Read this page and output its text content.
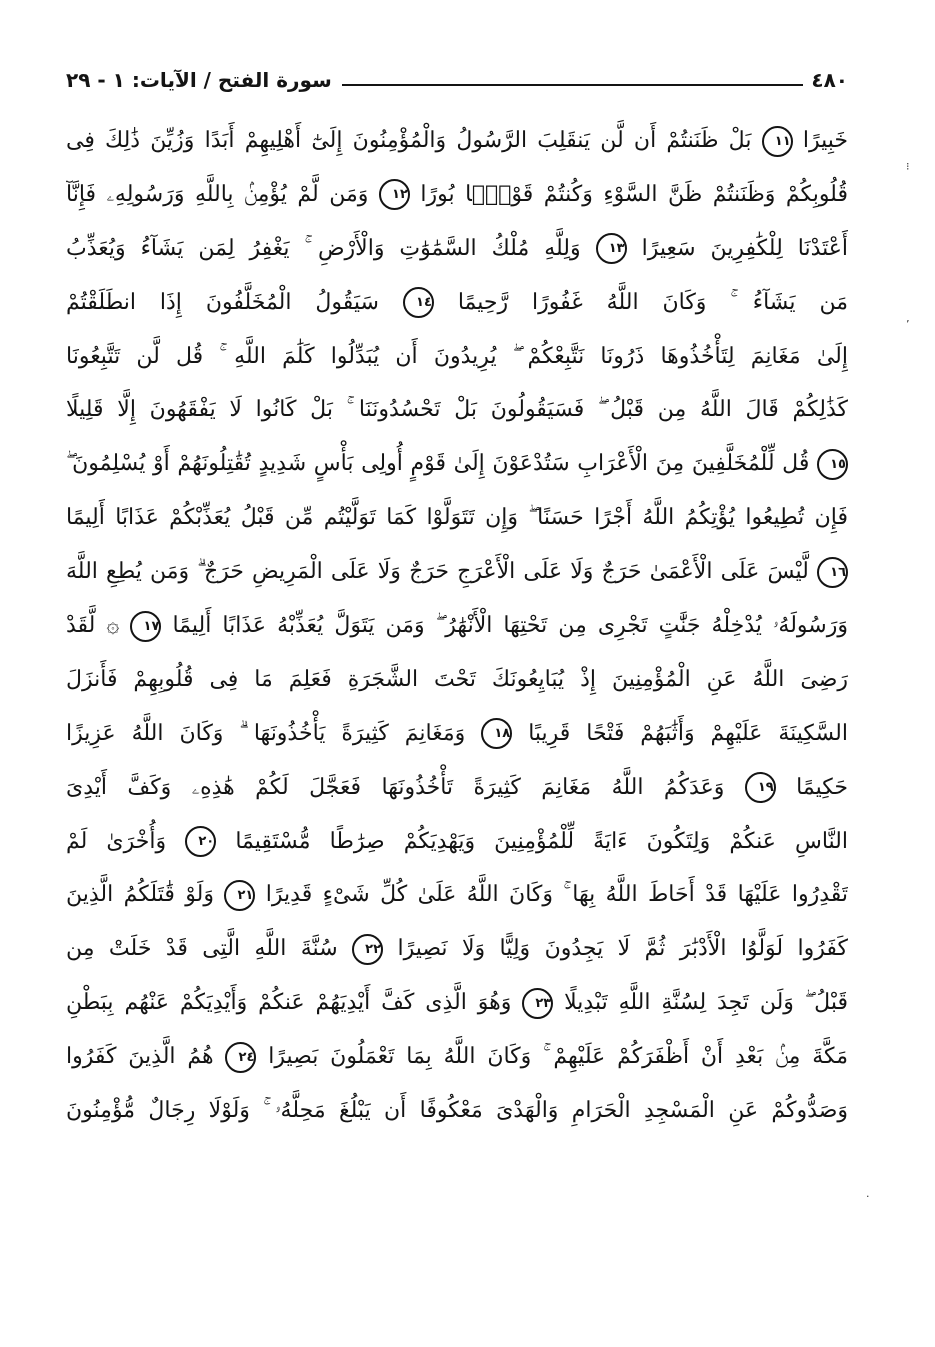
٤٨٠
سورة الفتح / الآيات: ١ - ٢٩
خَبِيرًا ١١ بَلْ ظَنَنتُمْ أَن لَّن يَنقَلِبَ الرَّسُولُ وَالْمُؤْمِنُونَ إِلَىٰٓ أَهْلِيهِمْ أَبَدًا وَزُيِّنَ ذَٰلِكَ فِى
قُلُوبِكُمْ وَظَنَنتُمْ ظَنَّ السَّوْءِ وَكُنتُمْ قَوْمًۢا بُورًا ١٢ وَمَن لَّمْ يُؤْمِنۢ بِاللَّهِ وَرَسُولِهِۦ فَإِنَّآ
أَعْتَدْنَا لِلْكَٰفِرِينَ سَعِيرًا ١٣ وَلِلَّهِ مُلْكُ السَّمَٰوَٰتِ وَالْأَرْضِ ۚ يَغْفِرُ لِمَن يَشَآءُ وَيُعَذِّبُ
مَن يَشَآءُ ۚ وَكَانَ اللَّهُ غَفُورًا رَّحِيمًا ١٤ سَيَقُولُ الْمُخَلَّفُونَ إِذَا انطَلَقْتُمْ
إِلَىٰ مَغَانِمَ لِتَأْخُذُوهَا ذَرُونَا نَتَّبِعْكُمْ ۖ يُرِيدُونَ أَن يُبَدِّلُوا كَلَٰمَ اللَّهِ ۚ قُل لَّن تَتَّبِعُونَا
كَذَٰلِكُمْ قَالَ اللَّهُ مِن قَبْلُ ۖ فَسَيَقُولُونَ بَلْ تَحْسُدُونَنَا ۚ بَلْ كَانُوا لَا يَفْقَهُونَ إِلَّا قَلِيلًا
١٥ قُل لِّلْمُخَلَّفِينَ مِنَ الْأَعْرَابِ سَتُدْعَوْنَ إِلَىٰ قَوْمٍ أُولِى بَأْسٍ شَدِيدٍ تُقَٰتِلُونَهُمْ أَوْ يُسْلِمُونَ ۖ
فَإِن تُطِيعُوا يُؤْتِكُمُ اللَّهُ أَجْرًا حَسَنًا ۖ وَإِن تَتَوَلَّوْا كَمَا تَوَلَّيْتُم مِّن قَبْلُ يُعَذِّبْكُمْ عَذَابًا أَلِيمًا
١٦ لَّيْسَ عَلَى الْأَعْمَىٰ حَرَجٌ وَلَا عَلَى الْأَعْرَجِ حَرَجٌ وَلَا عَلَى الْمَرِيضِ حَرَجٌ ۗ وَمَن يُطِعِ اللَّهَ
وَرَسُولَهُۥ يُدْخِلْهُ جَنَّٰتٍ تَجْرِى مِن تَحْتِهَا الْأَنْهَٰرُ ۖ وَمَن يَتَوَلَّ يُعَذِّبْهُ عَذَابًا أَلِيمًا ١٧ ۞ لَّقَدْ
رَضِىَ اللَّهُ عَنِ الْمُؤْمِنِينَ إِذْ يُبَايِعُونَكَ تَحْتَ الشَّجَرَةِ فَعَلِمَ مَا فِى قُلُوبِهِمْ فَأَنزَلَ
السَّكِينَةَ عَلَيْهِمْ وَأَثَٰبَهُمْ فَتْحًا قَرِيبًا ١٨ وَمَغَانِمَ كَثِيرَةً يَأْخُذُونَهَا ۗ وَكَانَ اللَّهُ عَزِيزًا
حَكِيمًا ١٩ وَعَدَكُمُ اللَّهُ مَغَانِمَ كَثِيرَةً تَأْخُذُونَهَا فَعَجَّلَ لَكُمْ هَٰذِهِۦ وَكَفَّ أَيْدِىَ
النَّاسِ عَنكُمْ وَلِتَكُونَ ءَايَةً لِّلْمُؤْمِنِينَ وَيَهْدِيَكُمْ صِرَٰطًا مُّسْتَقِيمًا ٢٠ وَأُخْرَىٰ لَمْ
تَقْدِرُوا عَلَيْهَا قَدْ أَحَاطَ اللَّهُ بِهَا ۚ وَكَانَ اللَّهُ عَلَىٰ كُلِّ شَىْءٍ قَدِيرًا ٢١ وَلَوْ قَٰتَلَكُمُ الَّذِينَ
كَفَرُوا لَوَلَّوُا الْأَدْبَٰرَ ثُمَّ لَا يَجِدُونَ وَلِيًّا وَلَا نَصِيرًا ٢٢ سُنَّةَ اللَّهِ الَّتِى قَدْ خَلَتْ مِن
قَبْلُ ۖ وَلَن تَجِدَ لِسُنَّةِ اللَّهِ تَبْدِيلًا ٢٣ وَهُوَ الَّذِى كَفَّ أَيْدِيَهُمْ عَنكُمْ وَأَيْدِيَكُمْ عَنْهُم بِبَطْنِ
مَكَّةَ مِنۢ بَعْدِ أَنْ أَظْفَرَكُمْ عَلَيْهِمْ ۚ وَكَانَ اللَّهُ بِمَا تَعْمَلُونَ بَصِيرًا ٢٤ هُمُ الَّذِينَ كَفَرُوا
وَصَدُّوكُمْ عَنِ الْمَسْجِدِ الْحَرَامِ وَالْهَدْىَ مَعْكُوفًا أَن يَبْلُغَ مَحِلَّهُۥ ۚ وَلَوْلَا رِجَالٌ مُّؤْمِنُونَ
⁝
ʼ
·
